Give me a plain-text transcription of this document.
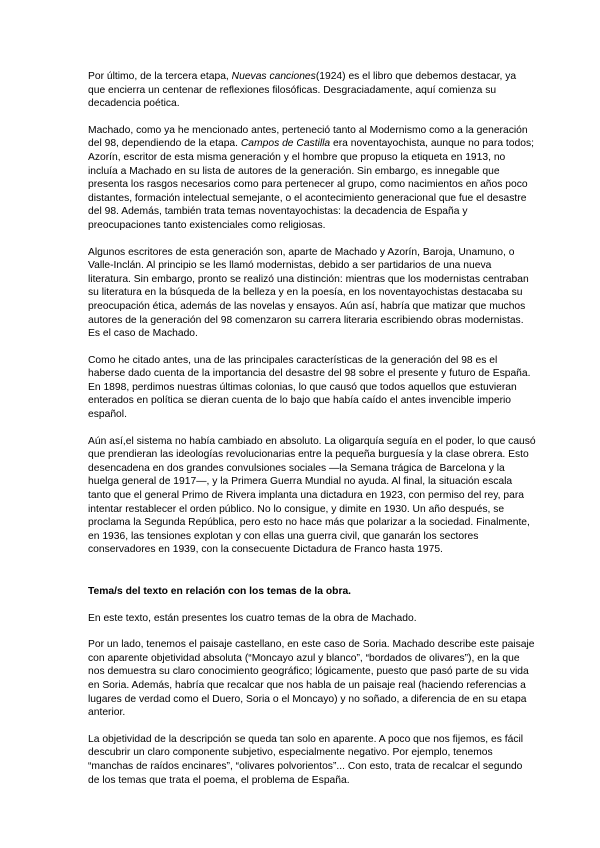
Por último, de la tercera etapa, Nuevas canciones(1924) es el libro que debemos destacar, ya que encierra un centenar de reflexiones filosóficas. Desgraciadamente, aquí comienza su decadencia poética.

Machado, como ya he mencionado antes, perteneció tanto al Modernismo como a la generación del 98, dependiendo de la etapa. Campos de Castilla era noventayochista, aunque no para todos; Azorín, escritor de esta misma generación y el hombre que propuso la etiqueta en 1913, no incluía a Machado en su lista de autores de la generación. Sin embargo, es innegable que presenta los rasgos necesarios como para pertenecer al grupo, como nacimientos en años poco distantes, formación intelectual semejante, o el acontecimiento generacional que fue el desastre del 98. Además, también trata temas noventayochistas: la decadencia de España y preocupaciones tanto existenciales como religiosas.

Algunos escritores de esta generación son, aparte de Machado y Azorín, Baroja, Unamuno, o Valle-Inclán. Al principio se les llamó modernistas, debido a ser partidarios de una nueva literatura. Sin embargo, pronto se realizó una distinción: mientras que los modernistas centraban su literatura en la búsqueda de la belleza y en la poesía, en los noventayochistas destacaba su preocupación ética, además de las novelas y ensayos. Aún así, habría que matizar que muchos autores de la generación del 98 comenzaron su carrera literaria escribiendo obras modernistas. Es el caso de Machado.

Como he citado antes, una de las principales características de la generación del 98 es el haberse dado cuenta de la importancia del desastre del 98 sobre el presente y futuro de España. En 1898, perdimos nuestras últimas colonias, lo que causó que todos aquellos que estuvieran enterados en política se dieran cuenta de lo bajo que había caído el antes invencible imperio español.

Aún así,el sistema no había cambiado en absoluto. La oligarquía seguía en el poder, lo que causó que prendieran las ideologías revolucionarias entre la pequeña burguesía y la clase obrera. Esto desencadena en dos grandes convulsiones sociales —la Semana trágica de Barcelona y la huelga general de 1917—, y la Primera Guerra Mundial no ayuda. Al final, la situación escala tanto que el general Primo de Rivera implanta una dictadura en 1923, con permiso del rey, para intentar restablecer el orden público. No lo consigue, y dimite en 1930. Un año después, se proclama la Segunda República, pero esto no hace más que polarizar a la sociedad. Finalmente, en 1936, las tensiones explotan y con ellas una guerra civil, que ganarán los sectores conservadores en 1939, con la consecuente Dictadura de Franco hasta 1975.

Tema/s del texto en relación con los temas de la obra.

En este texto, están presentes los cuatro temas de la obra de Machado.

Por un lado, tenemos el paisaje castellano, en este caso de Soria. Machado describe este paisaje con aparente objetividad absoluta (“Moncayo azul y blanco”, “bordados de olivares”), en la que nos demuestra su claro conocimiento geográfico; lógicamente, puesto que pasó parte de su vida en Soria. Además, habría que recalcar que nos habla de un paisaje real (haciendo referencias a lugares de verdad como el Duero, Soria o el Moncayo) y no soñado, a diferencia de en su etapa anterior.

La objetividad de la descripción se queda tan solo en aparente. A poco que nos fijemos, es fácil descubrir un claro componente subjetivo, especialmente negativo. Por ejemplo, tenemos “manchas de raídos encinares”, “olivares polvorientos”... Con esto, trata de recalcar el segundo de los temas que trata el poema, el problema de España.
